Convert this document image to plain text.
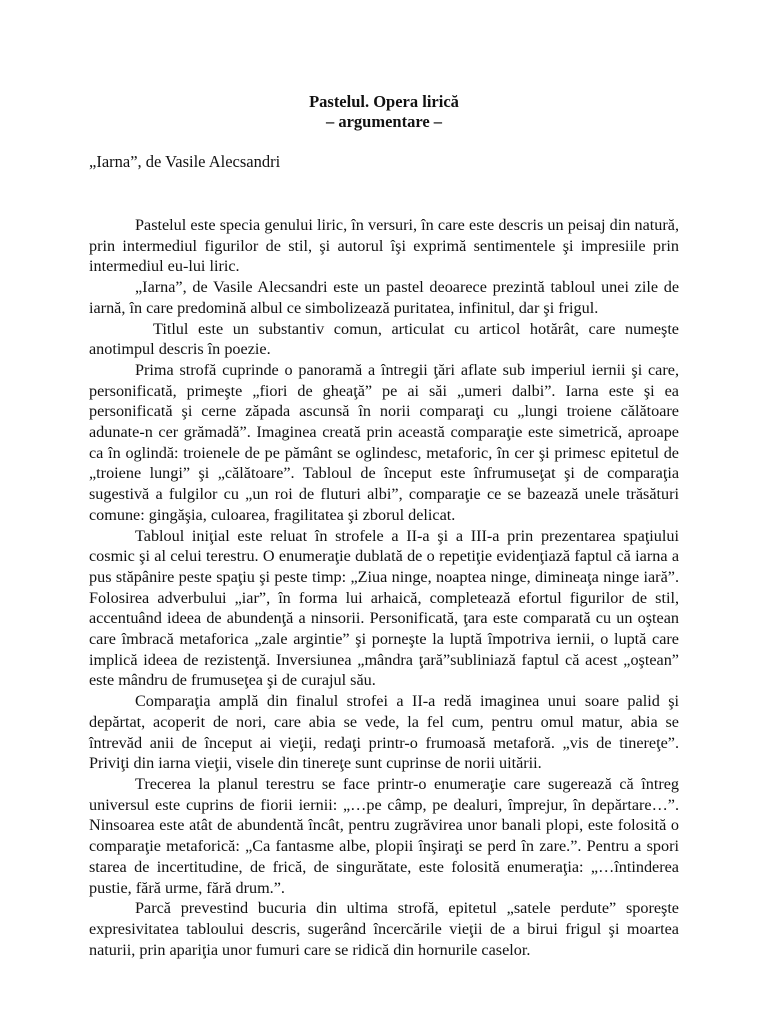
Pastelul. Opera lirică

– argumentare –

„Iarna”, de Vasile Alecsandri

Pastelul este specia genului liric, în versuri, în care este descris un peisaj din natură, prin intermediul figurilor de stil, şi autorul îşi exprimă sentimentele şi impresiile prin intermediul eu-lui liric.

„Iarna”, de Vasile Alecsandri este un pastel deoarece prezintă tabloul unei zile de iarnă, în care predomină albul ce simbolizează puritatea, infinitul, dar şi frigul.

Titlul este un substantiv comun, articulat cu articol hotărât, care numeşte anotimpul descris în poezie.

Prima strofă cuprinde o panoramă a întregii ţări aflate sub imperiul iernii şi care, personificată, primeşte „fiori de gheaţă” pe ai săi „umeri dalbi”. Iarna este şi ea personificată şi cerne zăpada ascunsă în norii comparaţi cu „lungi troiene călătoare adunate-n cer grămadă”. Imaginea creată prin această comparaţie este simetrică, aproape ca în oglindă: troienele de pe pământ se oglindesc, metaforic, în cer şi primesc epitetul de „troiene lungi” şi „călătoare”. Tabloul de început este înfrumuseţat şi de comparaţia sugestivă a fulgilor cu „un roi de fluturi albi”, comparaţie ce se bazează unele trăsături comune: gingăşia, culoarea, fragilitatea şi zborul delicat.

Tabloul iniţial este reluat în strofele a II-a şi a III-a prin prezentarea spaţiului cosmic şi al celui terestru. O enumeraţie dublată de o repetiţie evidenţiază faptul că iarna a pus stăpânire peste spaţiu şi peste timp: „Ziua ninge, noaptea ninge, dimineaţa ninge iară”. Folosirea adverbului „iar”, în forma lui arhaică, completează efortul figurilor de stil, accentuând ideea de abundenţă a ninsorii. Personificată, ţara este comparată cu un oştean care îmbracă metaforica „zale argintie” şi porneşte la luptă împotriva iernii, o luptă care implică ideea de rezistenţă. Inversiunea „mândra ţară”subliniază faptul că acest „oştean” este mândru de frumuseţea şi de curajul său.

Comparaţia amplă din finalul strofei a II-a redă imaginea unui soare palid şi depărtat, acoperit de nori, care abia se vede, la fel cum, pentru omul matur, abia se întrevăd anii de început ai vieţii, redaţi printr-o frumoasă metaforă. „vis de tinereţe”. Priviţi din iarna vieţii, visele din tinereţe sunt cuprinse de norii uitării.

Trecerea la planul terestru se face printr-o enumeraţie care sugerează că întreg universul este cuprins de fiorii iernii: „…pe câmp, pe dealuri, împrejur, în depărtare…”. Ninsoarea este atât de abundentă încât, pentru zugrăvirea unor banali plopi, este folosită o comparaţie metaforică: „Ca fantasme albe, plopii înşiraţi se perd în zare.”. Pentru a spori starea de incertitudine, de frică, de singurătate, este folosită enumeraţia: „…întinderea pustie, fără urme, fără drum.”.

Parcă prevestind bucuria din ultima strofă, epitetul „satele perdute” sporeşte expresivitatea tabloului descris, sugerând încercările vieţii de a birui frigul şi moartea naturii, prin apariţia unor fumuri care se ridică din hornurile caselor.
